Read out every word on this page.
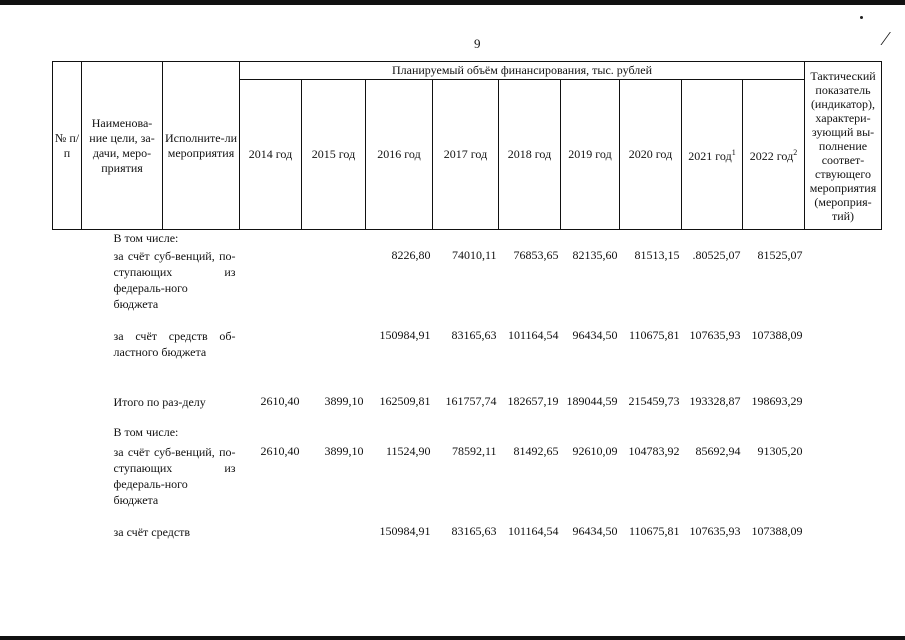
⁄
9
№ п/п	Наименова-ние цели, за-дачи, меро-приятия	Исполните-ли мероприятия	Планируемый объём финансирования, тыс. рублей									Тактический показатель (индикатор), характери-зующий вы-полнение соответ-ствующего мероприятия (мероприя-тий)
			2014 год	2015 год	2016 год	2017 год	2018 год	2019 год	2020 год	2021 год$^1$	2022 год$^2$
	В том числе:											
	за счёт суб-венций, по-ступающих из федераль-ного бюджета				8226,80	74010,11	76853,65	82135,60	81513,15	.80525,07	81525,07	
	за счёт средств об-ластного бюджета				150984,91	83165,63	101164,54	96434,50	110675,81	107635,93	107388,09	
	Итого по раз-делу		2610,40	3899,10	162509,81	161757,74	182657,19	189044,59	215459,73	193328,87	198693,29	
	В том числе:											
	за счёт суб-венций, по-ступающих из федераль-ного бюджета		2610,40	3899,10	11524,90	78592,11	81492,65	92610,09	104783,92	85692,94	91305,20	
	за счёт средств				150984,91	83165,63	101164,54	96434,50	110675,81	107635,93	107388,09	
